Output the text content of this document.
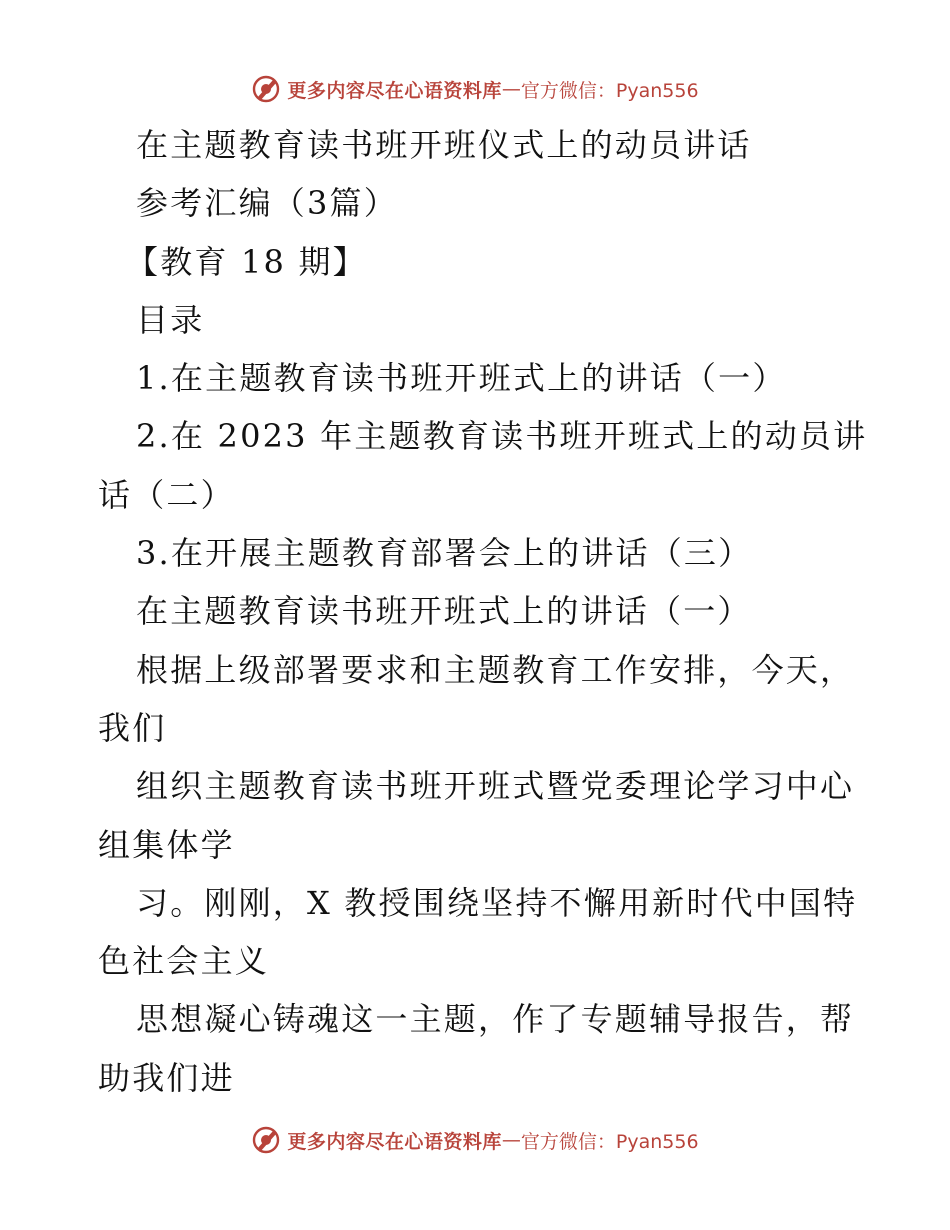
更多内容尽在心语资料库 — 官方微信：Pyan556
在主题教育读书班开班仪式上的动员讲话
参考汇编（3篇）
【教育 18 期】
目录
1.在主题教育读书班开班式上的讲话（一）
2.在 2023 年主题教育读书班开班式上的动员讲
话（二）
3.在开展主题教育部署会上的讲话（三）
在主题教育读书班开班式上的讲话（一）
根据上级部署要求和主题教育工作安排，今天，
我们
组织主题教育读书班开班式暨党委理论学习中心
组集体学
习。刚刚，X 教授围绕坚持不懈用新时代中国特
色社会主义
思想凝心铸魂这一主题，作了专题辅导报告，帮
助我们进
更多内容尽在心语资料库 — 官方微信：Pyan556
